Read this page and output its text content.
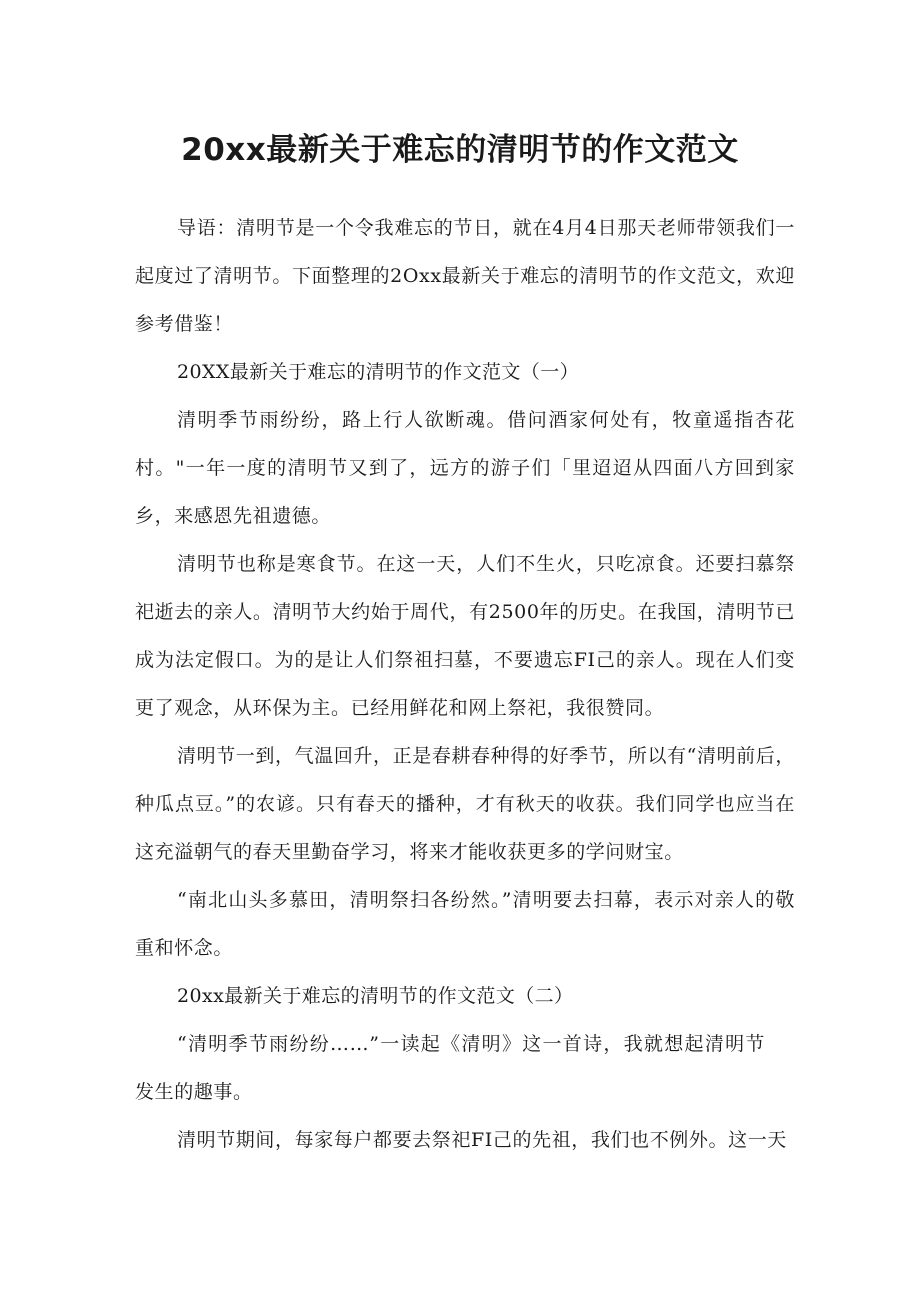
20xx最新关于难忘的清明节的作文范文

导语：清明节是一个令我难忘的节日，就在4月4日那天老师带领我们一起度过了清明节。下面整理的2Oxx最新关于难忘的清明节的作文范文，欢迎参考借鉴！

20XX最新关于难忘的清明节的作文范文（一）

清明季节雨纷纷，路上行人欲断魂。借问酒家何处有，牧童遥指杏花村。"一年一度的清明节又到了，远方的游子们「里迢迢从四面八方回到家乡，来感恩先祖遗德。

清明节也称是寒食节。在这一天，人们不生火，只吃凉食。还要扫慕祭祀逝去的亲人。清明节大约始于周代，有2500年的历史。在我国，清明节已成为法定假口。为的是让人们祭祖扫墓，不要遗忘FI己的亲人。现在人们变更了观念，从环保为主。已经用鲜花和网上祭祀，我很赞同。

清明节一到，气温回升，正是春耕春种得的好季节，所以有“清明前后，种瓜点豆。”的农谚。只有春天的播种，才有秋天的收获。我们同学也应当在这充溢朝气的春天里勤奋学习，将来才能收获更多的学问财宝。

“南北山头多慕田，清明祭扫各纷然。”清明要去扫幕，表示对亲人的敬重和怀念。

20xx最新关于难忘的清明节的作文范文（二）

“清明季节雨纷纷……”一读起《清明》这一首诗，我就想起清明节发生的趣事。

清明节期间，每家每户都要去祭祀FI己的先祖，我们也不例外。这一天
